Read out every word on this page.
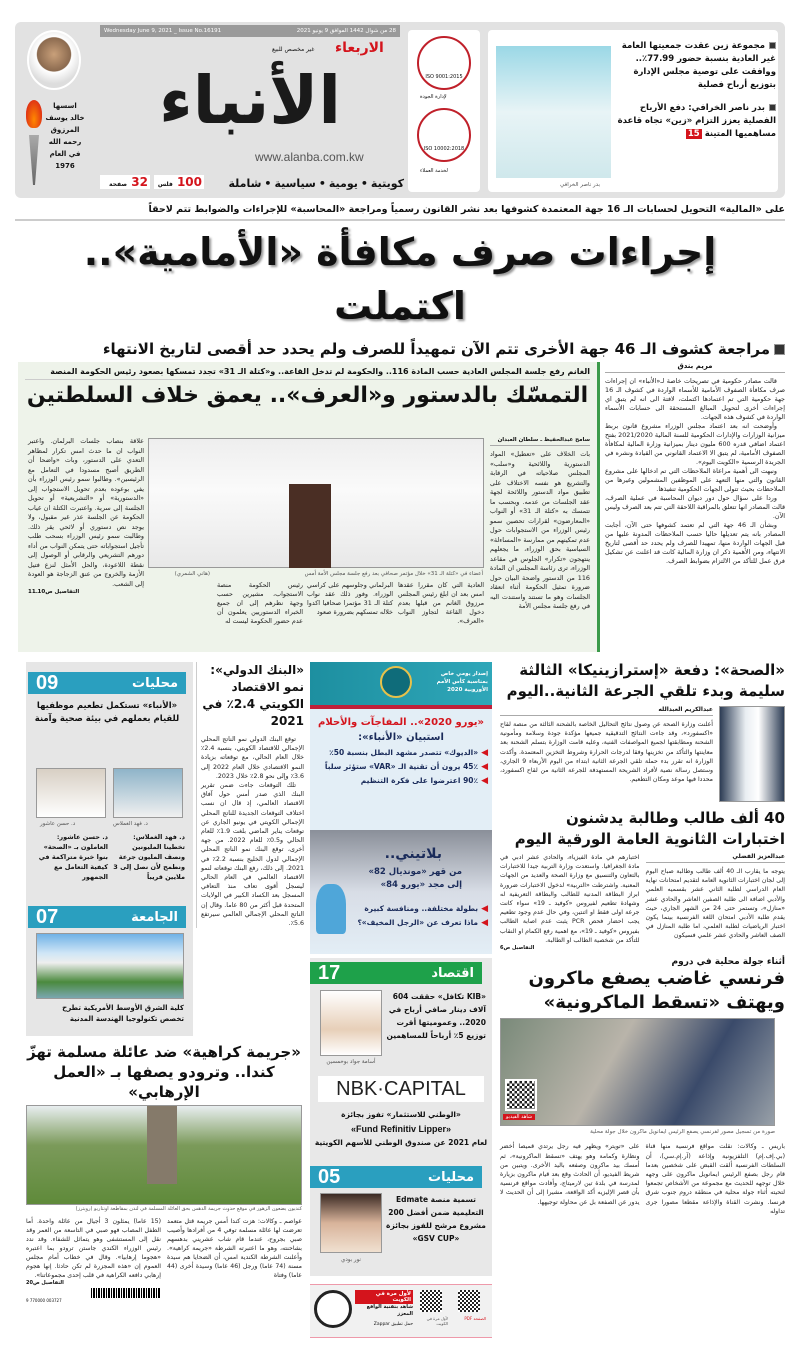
اسسها
خالد يوسف
المرزوق
رحمه الله
في العام
1976
28 من شوال 1442 الموافق 9 يونيو 2021
Wednesday June 9, 2021 _ Issue No.16191
الاربعاء
غير مخصص للبيع
الأنباء
www.alanba.com.kw
كويتية
•
يومية
•
سياسية
•
شاملة
100 فلس
32 صفحة
ISO 9001:2015
لإدارة الجودة
ISO 10002:2018
لخدمة العملاء
بدر ناصر الخرافي
مجموعة زين عقدت جمعيتها العامة غير العادية بنسبة حضور 77.99٪.. ووافقت على توصية مجلس الإدارة بتوزيع أرباح فصلية
بدر ناصر الخرافي: دفع الأرباح الفصلية يعزز التزام «زين» تجاه قاعدة مساهميها المتينة 15
على «المالية» التحويل لحسابات الـ 16 جهة المعتمدة كشوفها بعد نشر القانون رسمياً ومراجعة «المحاسبة» للإجراءات والضوابط تتم لاحقاً
إجراءات صرف مكافأة «الأمامية».. اكتملت
مراجعة كشوف الـ 46 جهة الأخرى تتم الآن تمهيداً للصرف ولم يحدد حد أقصى لتاريخ الانتهاء
مريم بندق

قالت مصادر حكومية في تصريحات خاصة لـ«الأنباء» ان إجراءات صرف مكافأة الصفوف الأمامية للأسماء الواردة في كشوف الـ 16 جهة حكومية التي تم اعتمادها اكتملت، لافتة الى انه لم يتبق اي إجراءات أخرى لتحويل المبالغ المستحقة الى حسابات الأسماء الواردة في كشوف هذه الجهات.

وأوضحت انه بعد اعتماد مجلس الوزراء مشروع قانون بربط ميزانية الوزارات والإدارات الحكومية للسنة المالية 2021/2020 بفتح اعتماد اضافي قدره 600 مليون دينار بميزانية وزارة المالية لمكافأة الصفوف الأمامية، لم يتبق الا الاعتماد القانوني من القيادة ونشره في الجريدة الرسمية «الكويت اليوم».

ونبهت الى أهمية مراعاة الملاحظات التي تم ادخالها على مشروع القانون والتي منها التعهد على الموظفين المشمولين وغيرها من الملاحظات بحيث تتولى الجهات الحكومية تنفيذها.

وردا على سؤال حول دور ديوان المحاسبة في عملية الصرف، قالت المصادر انها تتعلق بالمراقبة اللاحقة التي تتم بعد الصرف وليس الآن.

وبشأن الـ 46 جهة التي لم تعتمد كشوفها حتى الآن، أجابت المصادر بانه يتم تعديلها حاليا حسب الملاحظات المدونة عليها من قبل الجهات الواردة منها، تمهيدا للصرف ولم يحدد حد أقصى لتاريخ الانتهاء، ومن الأهمية ذكر ان وزارة المالية كانت قد اعلنت عن تشكيل فرق عمل للتأكد من الالتزام بضوابط الصرف.

الغانم رفع جلسة المجلس العادية حسب المادة 116.. والحكومة لم تدخل القاعة.. و«كتلة الـ 31» تجدد تمسكها بصعود رئيس الحكومة المنصة
التمسّك بالدستور و«العرف».. يعمق خلاف السلطتين
سامح عبدالحفيظ ـ سلطان العبدان
بات الخلاف على «تعطيل» المواد الدستورية واللائحية و«سلب» المجلس صلاحياته في الرقابة والتشريع هو نفسه الاختلاف على تطبيق مواد الدستور واللائحة لجهة عقد الجلسات من عدمه. وبحسب ما تتمسك به «كتلة الـ 31» أو النواب «المعارضون» لقرارات تحصين سمو رئيس الوزراء من الاستجوابات حول عدم تمكينهم من ممارسة «المساءلة» السياسية بحق الوزراء، ما يجعلهم ينتهجون «تكرار» الجلوس في مقاعد الوزراء، ترى رئاسة المجلس ان المادة 116 من الدستور واضحة البيان حول ضرورة تمثيل الحكومة أثناء انعقاد الجلسات وهو ما تستند واستندت اليه في رفع جلسة مجلس الأمة
أعضاء في «كتلة الـ 31» خلال مؤتمر صحافي بعد رفع جلسة مجلس الأمة أمس
(هاني الشمري)
العادية التي كان مقررا عقدها امس بعد ان ابلغ رئيس المجلس مرزوق الغانم من قبلها بعدم دخول القاعة لتجاوز النواب «العرف».
البرلماني وجلوسهم على كراسي الوزراء. وفور ذلك عقد نواب كتلة الـ 31 مؤتمرا صحافيا اكدوا خلاله تمسكهم بضرورة صعود
رئيس الحكومة منصة الاستجواب، مشيرين حسب وجهة نظرهم إلى ان جميع الخبراء الدستوريين يعلمون أن عدم حضور الحكومة ليست له
علاقة بنصاب جلسات البرلمان. واعتبر النواب ان ما حدث امس تكرار لمظاهر التعدي على الدستور، وبات «واضحا أن الطريق أصبح مسدودا في التعامل مع الرئيسين». وطالبوا سمو رئيس الوزراء بأن يفي بوعوده بعدم تحويل الاستجواب إلى «الدستورية» أو «التشريعية» أو تحويل الجلسة إلى سرية. واعتبرت الكتلة ان غياب الحكومة عن الجلسة عذر غير مقبول، ولا يوجد نص دستوري أو لائحي يقر ذلك. وطالبت سمو رئيس الوزراء بسحب طلب تأجيل استجواباته حتى يتمكن النواب من أداء دورهم التشريعي والرقابي أو الوصول إلى نقطة اللاعودة، والحل الأمثل لنزع فتيل الأزمة والخروج من عنق الزجاجة هو العودة إلى الشعب.
التفاصيل ص10ـ11
09	محليات
«الأنباء» تستكمل تطعيم موظفيها للقيام بعملهم في بيئة صحية وآمنة
د. فهد الغملاس
د. حسن عاشور
د. فهد الغملاس: تخطينا المليونين ونصف المليون جرعة ونطمح لأن نصل إلى 3 ملايين قريباً
د. حسن عاشور: العاملون بـ «الصحة» بنوا خبرة متراكمة في كيفية التعامل مع الجمهور
07	الجامعة
كلية الشرق الأوسط الأمريكية تطرح تخصص تكنولوجيا الهندسة المدنية
«البنك الدولي»: نمو الاقتصاد الكويتي 2.4٪ في 2021

توقع البنك الدولي نمو الناتج المحلي الإجمالي للاقتصاد الكويتي، بنسبة 2.4٪ خلال العام الحالي، مع توقعاته بزيادة النمو الاقتصادي خلال العام 2022 إلى 3.6٪ وإلى نحو 2.8٪ خلال 2023.

تلك التوقعات جاءت ضمن تقرير البنك الذي صدر أمس حول آفاق الاقتصاد العالمي، إذ قال ان نسب اختلاف التوقعات الجديدة للناتج المحلي الإجمالي الكويتي في يونيو الجاري عن توقعات يناير الماضي بلغت 1.9٪ للعام الحالي و0.5٪ للعام 2022. من جهة أخرى، توقع البنك نمو الناتج المحلي الإجمالي لدول الخليج بنسبة 2.2٪ في 2021. إلى ذلك، رفع البنك توقعاته لنمو الاقتصاد العالمي في العام الحالي ليسجل أقوى تعاف منذ التعافي المسجل بعد الكساد الكبير في الولايات المتحدة قبل أكثر من 80 عاما. وقال إن الناتج المحلي الإجمالي العالمي سيرتفع 5.6٪.

إصدار يومي خاص بمناسبة كأس الأمم الأوروبية 2020
«يورو 2020».. المفاجآت والأحلام
استبيان «الأنباء»:
◀«الديوك» تتصدر مشهد البطل بنسبة 50٪
◀45٪ يرون أن تقنية الـ «VAR» ستؤثر سلباً
◀90٪ اعترضوا على فكرة التنظيم
بلاتيني..
من قهر «مونديال 82»
إلى مجد «يورو 84»
◀بطولة مختلفة.. ومنافسة كبيرة
◀ماذا تعرف عن «الرجل المخيف»؟
17	اقتصاد
أسامة جواد بوخمسين
«KIB تكافل» حققت 604 آلاف دينار صافي أرباح في 2020.. وعموميتها أقرت توزيع 5٪ أرباحاً للمساهمين
NBK·CAPITAL
«الوطني للاستثمار» تفوز بجائزة
«Fund Refinitiv Lipper»
لعام 2021 عن صندوق الوطني للأسهم الكويتية
05	محليات
نور بودي
تسمية منصة Edmate التعليمية ضمن أفضل 200 مشروع مرشح للفوز بجائزة «GSV CUP»
لأول مرة في الكويت
شاهد بتقنية الواقع المعزز
حمل تطبيق Zappar
لأول مرة في الكويت
الصفحة PDF
«الصحة»: دفعة «إسترازينيكا» الثالثة سليمة وبدء تلقي الجرعة الثانية..اليوم
عبدالكريم العبدالله
أعلنت وزارة الصحة عن وصول نتائج التحاليل الخاصة بالشحنة الثالثة من منصة لقاح «اكسفورد»، وقد جاءت النتائج التدقيقية جميعها مؤكدة جودة وسلامة ومأمونية الشحنة ومطابقتها لجميع المواصفات الفنية، وعليه قامت الوزارة بتسلم الشحنة بعد معاينتها والتأكد من تخزينها وفقا لدرجات الحرارة وشروط التخزين المعتمدة. وأكدت الوزارة انه تقرر بدء حملة تلقي الجرعة الثانية ابتداء من اليوم الأربعاء 9 الجاري، وستصل رسالة نصية لأفراد الشريحة المستهدفة للجرعة الثانية من لقاح اكسفورد، محددا فيها موعد ومكان التطعيم.
40 ألف طالب وطالبة يدشنون اختبارات الثانوية العامة الورقية اليوم
عبدالعزيز الفضلي
يتوجه ما يقارب الـ 40 ألف طالب وطالبة صباح اليوم إلى لجان اختبارات الثانوية العامة لتقديم امتحانات نهاية العام الدراسي لطلبة الثاني عشر بقسميه العلمي والأدبي اضافة الى طلبة الصفين العاشر والحادي عشر «منازل»، وتستمر حتى 24 من الشهر الجاري، حيث يقدم طلبة الأدبي امتحان اللغة الفرنسية بينما يكون اختبار الرياضيات لطلبة العلمي، اما طلبة المنازل في الصف العاشر والحادي عشر علمي فسيكون
اختبارهم في مادة الفيزياء، والحادي عشر ادبي في مادة الجغرافيا. واستعدت وزارة التربية جيدا للاختبارات بالتعاون والتنسيق مع وزارة الصحة والعديد من الجهات المعنية. واشترطت «التربية» لدخول الاختبارات ضرورة ابراز البطاقة المدنية للطالب والبطاقة التعريفية له وشهادة تطعيم لفيروس «كوفيد ـ 19» سواء كانت جرعة اولى فقط او اثنتين، وفي حال عدم وجود تطعيم يجب احضار فحص PCR يثبت عدم اصابة الطالب بفيروس «كوفيد ـ 19»، مع اهمية رفع الكمام او النقاب للتأكد من شخصية الطالب او الطالبة.
التفاصيل ص6
أثناء جولة محلية في دروم
فرنسي غاضب يصفع ماكرون ويهتف «تسقط الماكرونية»
شاهد الفيديو
صورة من تسجيل مصور لفرنسي يصفع الرئيس ايمانويل ماكرون خلال جولة محلية
باريس ـ وكالات: نقلت مواقع فرنسية منها قناة (بي.إف.إم) التلفزيونية وإذاعة (آر.إم.سي)، أن السلطات الفرنسية ألقت القبض على شخصين بعدما قام رجل بصفع الرئيس ايمانويل ماكرون على وجهه خلال توجهه للحديث مع مجموعة من الأشخاص تجمعوا لتحيته أثناء جولة محلية في منطقة دروم جنوب شرق فرنسا. ونشرت القناة والإذاعة مقطعا مصورا جرى تداوله
على «تويتر» ويظهر فيه رجل يرتدي قميصا أخضر ونظارة وكمامة وهو يهتف «تسقط الماكرونية»، ثم أمسك بيد ماكرون وصفعه باليد الأخرى. ويتبين من شريط الفيديو، أن الحادث وقع بعد قيام ماكرون بزيارة لمدرسة في بلدة تين لارميتاج، وأفادت مواقع فرنسية بأن قصر الإليزيه أكد الواقعة، مشيرا إلى أن الحديث لا يدور عن الصفعة بل عن محاولة توجيهها.
«جريمة كراهية» ضد عائلة مسلمة تهزّ كندا.. وترودو يصفها بـ «العمل الإرهابي»
كنديون يضعون الزهور في موقع حدوث جريمة الدهس بحق العائلة المسلمة في لندن بمقاطعة اونتاريو (رويترز)
عواصم ـ وكالات: هزت كندا أمس جريمة قتل متعمد تعرضت لها عائلة مسلمة توفي 4 من أفرادها وأصيب صبي بجروح، عندما قام شاب عشريني بدهسهم بشاحنته، وهو ما اعتبرته الشرطة «جريمة كراهية». وأعلنت الشرطة الكندية امس، أن الضحايا هم سيدة مسنة (74 عاما) ورجل (46 عاما) وسيدة أخرى (44 عاما) وفتاة
(15 عاما) يمثلون 3 أجيال من عائلة واحدة. أما الطفل المصاب فهو صبي في التاسعة من العمر وقد نقل إلى المستشفى وهو يتماثل للشفاء. وقد ندد رئيس الوزراء الكندي جاستن ترودو بما اعتبره «هجوما إرهابيا». وقال في خطاب أمام مجلس العموم إن «هذه المجزرة لم تكن حادثا. إنها هجوم إرهابي دافعه الكراهية في قلب إحدى مجموعاتنا».
التفاصيل ص20
9 770000 003727
